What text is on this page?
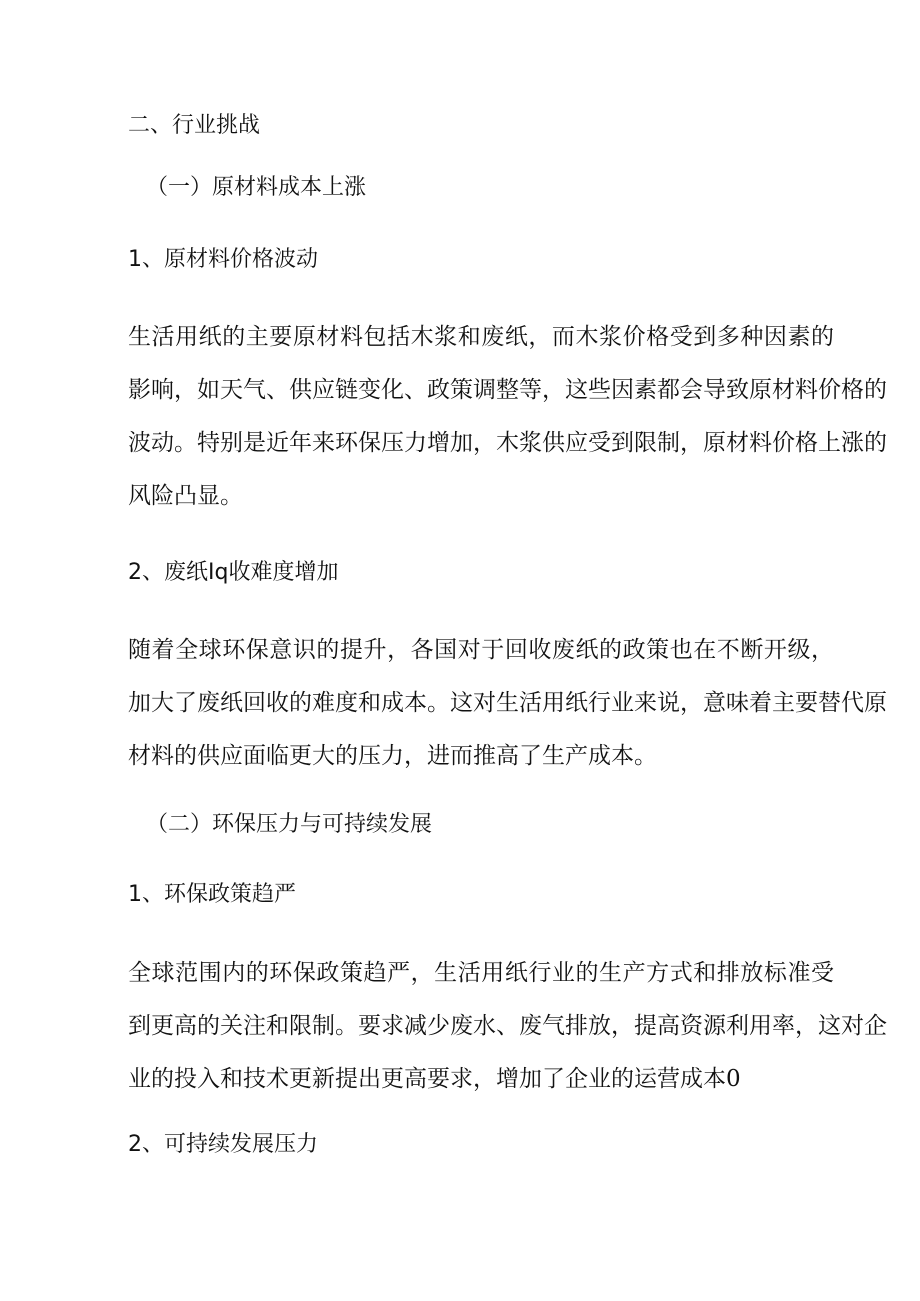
二、行业挑战
（一）原材料成本上涨
1、原材料价格波动
生活用纸的主要原材料包括木浆和废纸，而木浆价格受到多种因素的
影响，如天气、供应链变化、政策调整等，这些因素都会导致原材料价格的
波动。特别是近年来环保压力增加，木浆供应受到限制，原材料价格上涨的
风险凸显。
2、废纸Iq收难度增加
随着全球环保意识的提升，各国对于回收废纸的政策也在不断开级，
加大了废纸回收的难度和成本。这对生活用纸行业来说，意味着主要替代原
材料的供应面临更大的压力，进而推高了生产成本。
（二）环保压力与可持续发展
1、环保政策趋严
全球范围内的环保政策趋严，生活用纸行业的生产方式和排放标准受
到更高的关注和限制。要求减少废水、废气排放，提高资源利用率，这对企
业的投入和技术更新提出更高要求，增加了企业的运营成本0
2、可持续发展压力
